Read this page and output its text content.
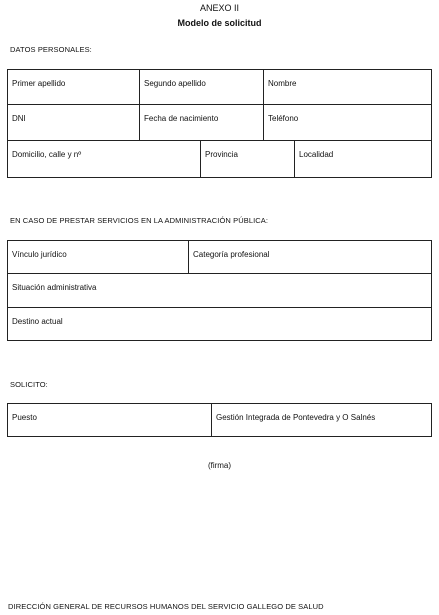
ANEXO II
Modelo de solicitud
DATOS PERSONALES:
Primer apellido	Segundo apellido	Nombre

DNI	Fecha de nacimiento	Teléfono
Domicilio, calle y nº	Provincia	Localidad
EN CASO DE PRESTAR SERVICIOS EN LA ADMINISTRACIÓN PÚBLICA:
Vínculo jurídico	Categoría profesional

Situación administrativa

Destino actual
SOLICITO:
Puesto	Gestión Integrada de Pontevedra y O Salnés
(firma)
DIRECCIÓN GENERAL DE RECURSOS HUMANOS DEL SERVICIO GALLEGO DE SALUD
